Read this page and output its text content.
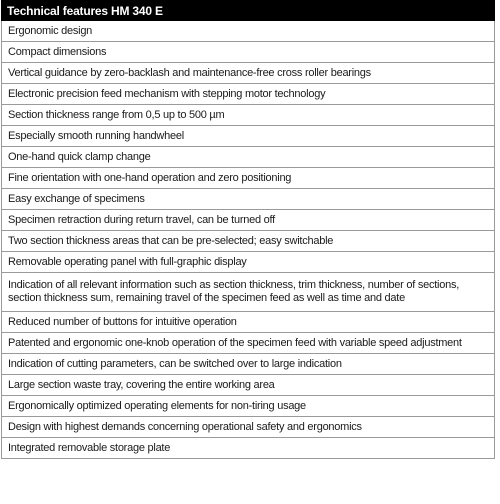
Technical features HM 340 E
Ergonomic design
Compact dimensions
Vertical guidance by zero-backlash and maintenance-free cross roller bearings
Electronic precision feed mechanism with stepping motor technology
Section thickness range from 0,5 up to 500 µm
Especially smooth running handwheel
One-hand quick clamp change
Fine orientation with one-hand operation and zero positioning
Easy exchange of specimens
Specimen retraction during return travel, can be turned off
Two section thickness areas that can be pre-selected; easy switchable
Removable operating panel with full-graphic display
Indication of all relevant information such as section thickness, trim thickness, number of sections, section thickness sum, remaining travel of the specimen feed as well as time and date
Reduced number of buttons for intuitive operation
Patented and ergonomic one-knob operation of the specimen feed with variable speed adjustment
Indication of cutting parameters, can be switched over to large indication
Large section waste tray, covering the entire working area
Ergonomically optimized operating elements for non-tiring usage
Design with highest demands concerning operational safety and ergonomics
Integrated removable storage plate
